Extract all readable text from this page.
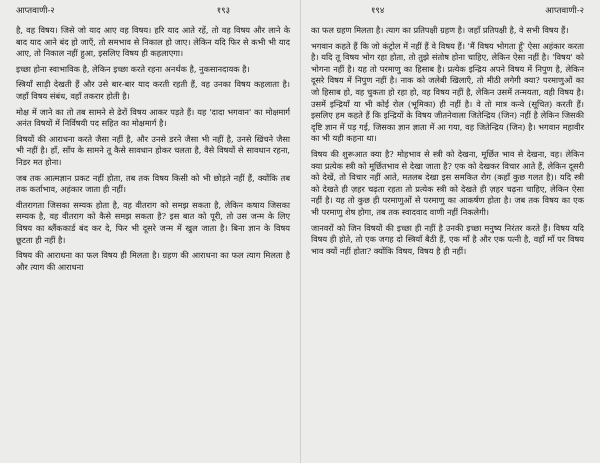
आप्तवाणी-२	१९३

है, वह विषय। जिसे जो याद आए वह विषय। हरि याद आते रहें, तो वह विषय और लाने के बाद याद आने बंद हो जाएँ, तो समभाव से निकाल हो जाए। लेकिन यदि फिर से कभी भी याद आए, तो निकाल नहीं हुआ, इसलिए विषय ही कहलाएगा।

इच्छा होना स्वाभाविक है, लेकिन इच्छा करते रहना अनर्थक है, नुकसानदायक है।

स्त्रियाँ साड़ी देखती हैं और उसे बार-बार याद करती रहती हैं, वह उनका विषय कहलाता है। जहाँ विषय संबंध, वहाँ तकरार होती है।

मोक्ष में जाने का तो तब सामने से ढेरों विषय आकर पड़ते हैं। यह 'दादा भगवान' का मोक्षमार्ग अनंत विषयों में निर्विषयी पद सहित का मोक्षमार्ग है।

विषयों की आराधना करते जैसा नहीं है, और उनसे डरने जैसा भी नहीं है, उनसे खिंचने जैसा भी नहीं है। हाँ, साँप के सामने तू कैसे सावधान होकर चलता है, वैसे विषयों से सावधान रहना, निडर मत होना।

जब तक आत्मज्ञान प्रकट नहीं होता, तब तक विषय किसी को भी छोड़ते नहीं हैं, क्योंकि तब तक कर्ताभाव, अहंकार जाता ही नहीं।

वीतरागता जिसका सम्यक होता है, वह वीतराग को समझ सकता है, लेकिन कषाय जिसका सम्यक है, वह वीतराग को कैसे समझ सकता है? इस बात को पूरी, तो उस जन्म के लिए विषय का ब्लैंककार्ड बंद कर दे, फिर भी दूसरे जन्म में खुल जाता है। बिना ज्ञान के विषय छूटता ही नहीं है।

विषय की आराधना का फल विषय ही मिलता है। ग्रहण की आराधना का फल त्याग मिलता है और त्याग की आराधना

१९४	आप्तवाणी-२

का फल ग्रहण मिलता है। त्याग का प्रतिपक्षी ग्रहण है। जहाँ प्रतिपक्षी है, वे सभी विषय हैं।

भगवान कहते हैं कि जो कंट्रोल में नहीं हैं वे विषय हैं। 'मैं विषय भोगता हूँ' ऐसा अहंकार करता है। यदि तू विषय भोग रहा होता, तो तुझे संतोष होना चाहिए, लेकिन ऐसा नहीं है। 'विषय' को भोगना नहीं है। यह तो परमाणु का हिसाब है। प्रत्येक इन्द्रिय अपने विषय में निपुण है, लेकिन दूसरे विषय में निपुण नहीं है। नाक को जलेबी खिलाएँ, तो मीठी लगेगी क्या? परमाणुओं का जो हिसाब हो, वह चुकता हो रहा हो, वह विषय नहीं है, लेकिन उसमें तन्मयता, वही विषय है। उसमें इन्द्रियाँ या भी कोई रोल (भूमिका) ही नहीं है। वे तो मात्र कन्वे (सूचित) करती हैं। इसलिए हम कहते हैं कि इन्द्रियों के विषय जीतनेवाला जितेन्द्रिय (जिन) नहीं है लेकिन जिसकी दृष्टि ज्ञान में पड़ गई, जिसका ज्ञान ज्ञाता में आ गया, वह जितेन्द्रिय (जिन) है। भगवान महावीर का भी यही कहना था।

विषय की शुरूआत क्या है? मोहभाव से स्त्री को देखना, मूर्छित भाव से देखना, वह। लेकिन क्या प्रत्येक स्त्री को मूर्छितभाव से देखा जाता है? एक को देखकर विचार आते हैं, लेकिन दूसरी को देखें, तो विचार नहीं आते, मतलब देखा इस समकित रोग (कहाँ कुछ गलत है)। यदि स्त्री को देखते ही ज़हर चढ़ता रहता तो प्रत्येक स्त्री को देखते ही ज़हर चढ़ना चाहिए, लेकिन ऐसा नहीं है। यह तो कुछ ही परमाणुओं से परमाणु का आकर्षण होता है। जब तक विषय का एक भी परमाणु शेष होगा, तब तक स्वादवाद वाणी नहीं निकलेगी।

जानवरों को जिन विषयों की इच्छा ही नहीं है उनकी इच्छा मनुष्य निरंतर करते हैं। विषय यदि विषय ही होते, तो एक जगह दो स्त्रियाँ बैठी हैं, एक माँ है और एक पत्नी है, वहाँ माँ पर विषय भाव क्यों नहीं होता? क्योंकि विषय, विषय है ही नहीं।
